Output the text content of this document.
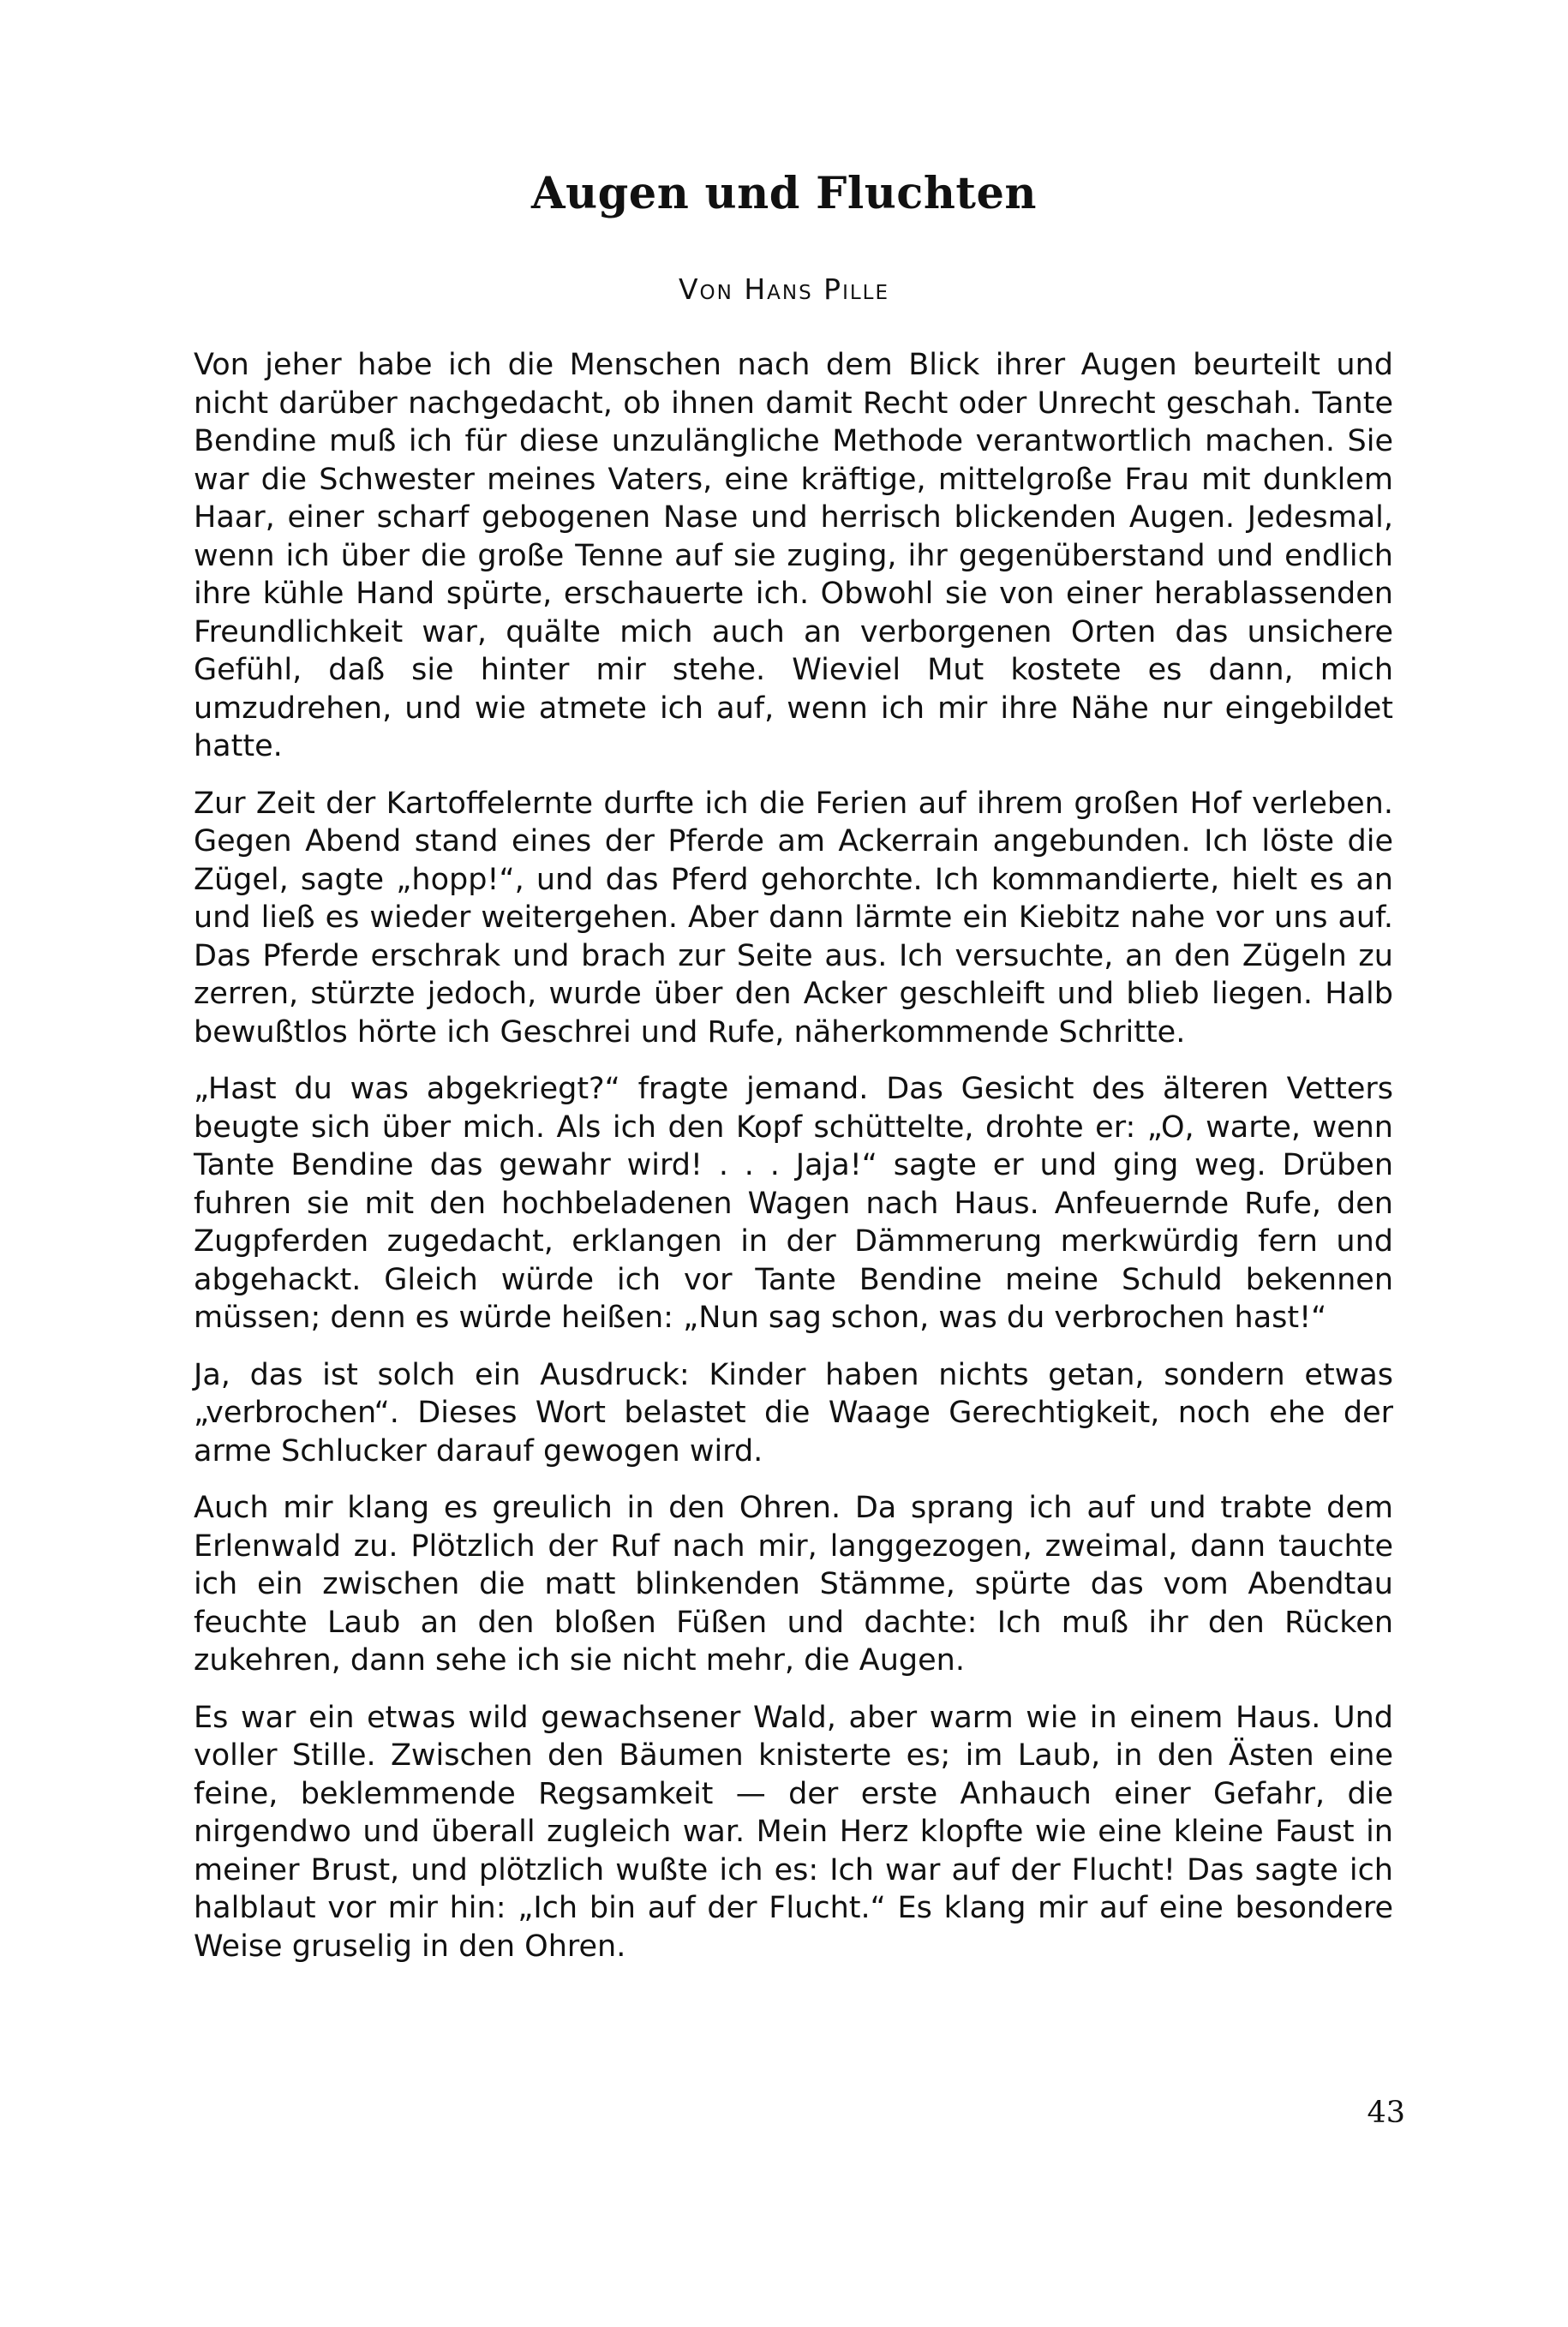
Augen und Fluchten

Von Hans Pille

Von jeher habe ich die Menschen nach dem Blick ihrer Augen beurteilt und nicht darüber nachgedacht, ob ihnen damit Recht oder Unrecht geschah. Tante Bendine muß ich für diese unzulängliche Methode verantwortlich machen. Sie war die Schwester meines Vaters, eine kräftige, mittelgroße Frau mit dunklem Haar, einer scharf gebogenen Nase und herrisch blickenden Augen. Jedesmal, wenn ich über die große Tenne auf sie zuging, ihr gegenüberstand und endlich ihre kühle Hand spürte, erschauerte ich. Obwohl sie von einer herablassenden Freundlichkeit war, quälte mich auch an verborgenen Orten das unsichere Gefühl, daß sie hinter mir stehe. Wieviel Mut kostete es dann, mich umzudrehen, und wie atmete ich auf, wenn ich mir ihre Nähe nur eingebildet hatte.

Zur Zeit der Kartoffelernte durfte ich die Ferien auf ihrem großen Hof verleben. Gegen Abend stand eines der Pferde am Ackerrain angebunden. Ich löste die Zügel, sagte „hopp!“, und das Pferd gehorchte. Ich kommandierte, hielt es an und ließ es wieder weitergehen. Aber dann lärmte ein Kiebitz nahe vor uns auf. Das Pferde erschrak und brach zur Seite aus. Ich versuchte, an den Zügeln zu zerren, stürzte jedoch, wurde über den Acker geschleift und blieb liegen. Halb bewußtlos hörte ich Geschrei und Rufe, näherkommende Schritte.

„Hast du was abgekriegt?“ fragte jemand. Das Gesicht des älteren Vetters beugte sich über mich. Als ich den Kopf schüttelte, drohte er: „O, warte, wenn Tante Bendine das gewahr wird! . . . Jaja!“ sagte er und ging weg. Drüben fuhren sie mit den hochbeladenen Wagen nach Haus. Anfeuernde Rufe, den Zugpferden zugedacht, erklangen in der Dämmerung merkwürdig fern und abgehackt. Gleich würde ich vor Tante Bendine meine Schuld bekennen müssen; denn es würde heißen: „Nun sag schon, was du verbrochen hast!“

Ja, das ist solch ein Ausdruck: Kinder haben nichts getan, sondern etwas „verbrochen“. Dieses Wort belastet die Waage Gerechtigkeit, noch ehe der arme Schlucker darauf gewogen wird.

Auch mir klang es greulich in den Ohren. Da sprang ich auf und trabte dem Erlenwald zu. Plötzlich der Ruf nach mir, langgezogen, zweimal, dann tauchte ich ein zwischen die matt blinkenden Stämme, spürte das vom Abendtau feuchte Laub an den bloßen Füßen und dachte: Ich muß ihr den Rücken zukehren, dann sehe ich sie nicht mehr, die Augen.

Es war ein etwas wild gewachsener Wald, aber warm wie in einem Haus. Und voller Stille. Zwischen den Bäumen knisterte es; im Laub, in den Ästen eine feine, beklemmende Regsamkeit — der erste Anhauch einer Gefahr, die nirgendwo und überall zugleich war. Mein Herz klopfte wie eine kleine Faust in meiner Brust, und plötzlich wußte ich es: Ich war auf der Flucht! Das sagte ich halblaut vor mir hin: „Ich bin auf der Flucht.“ Es klang mir auf eine besondere Weise gruselig in den Ohren.

43
